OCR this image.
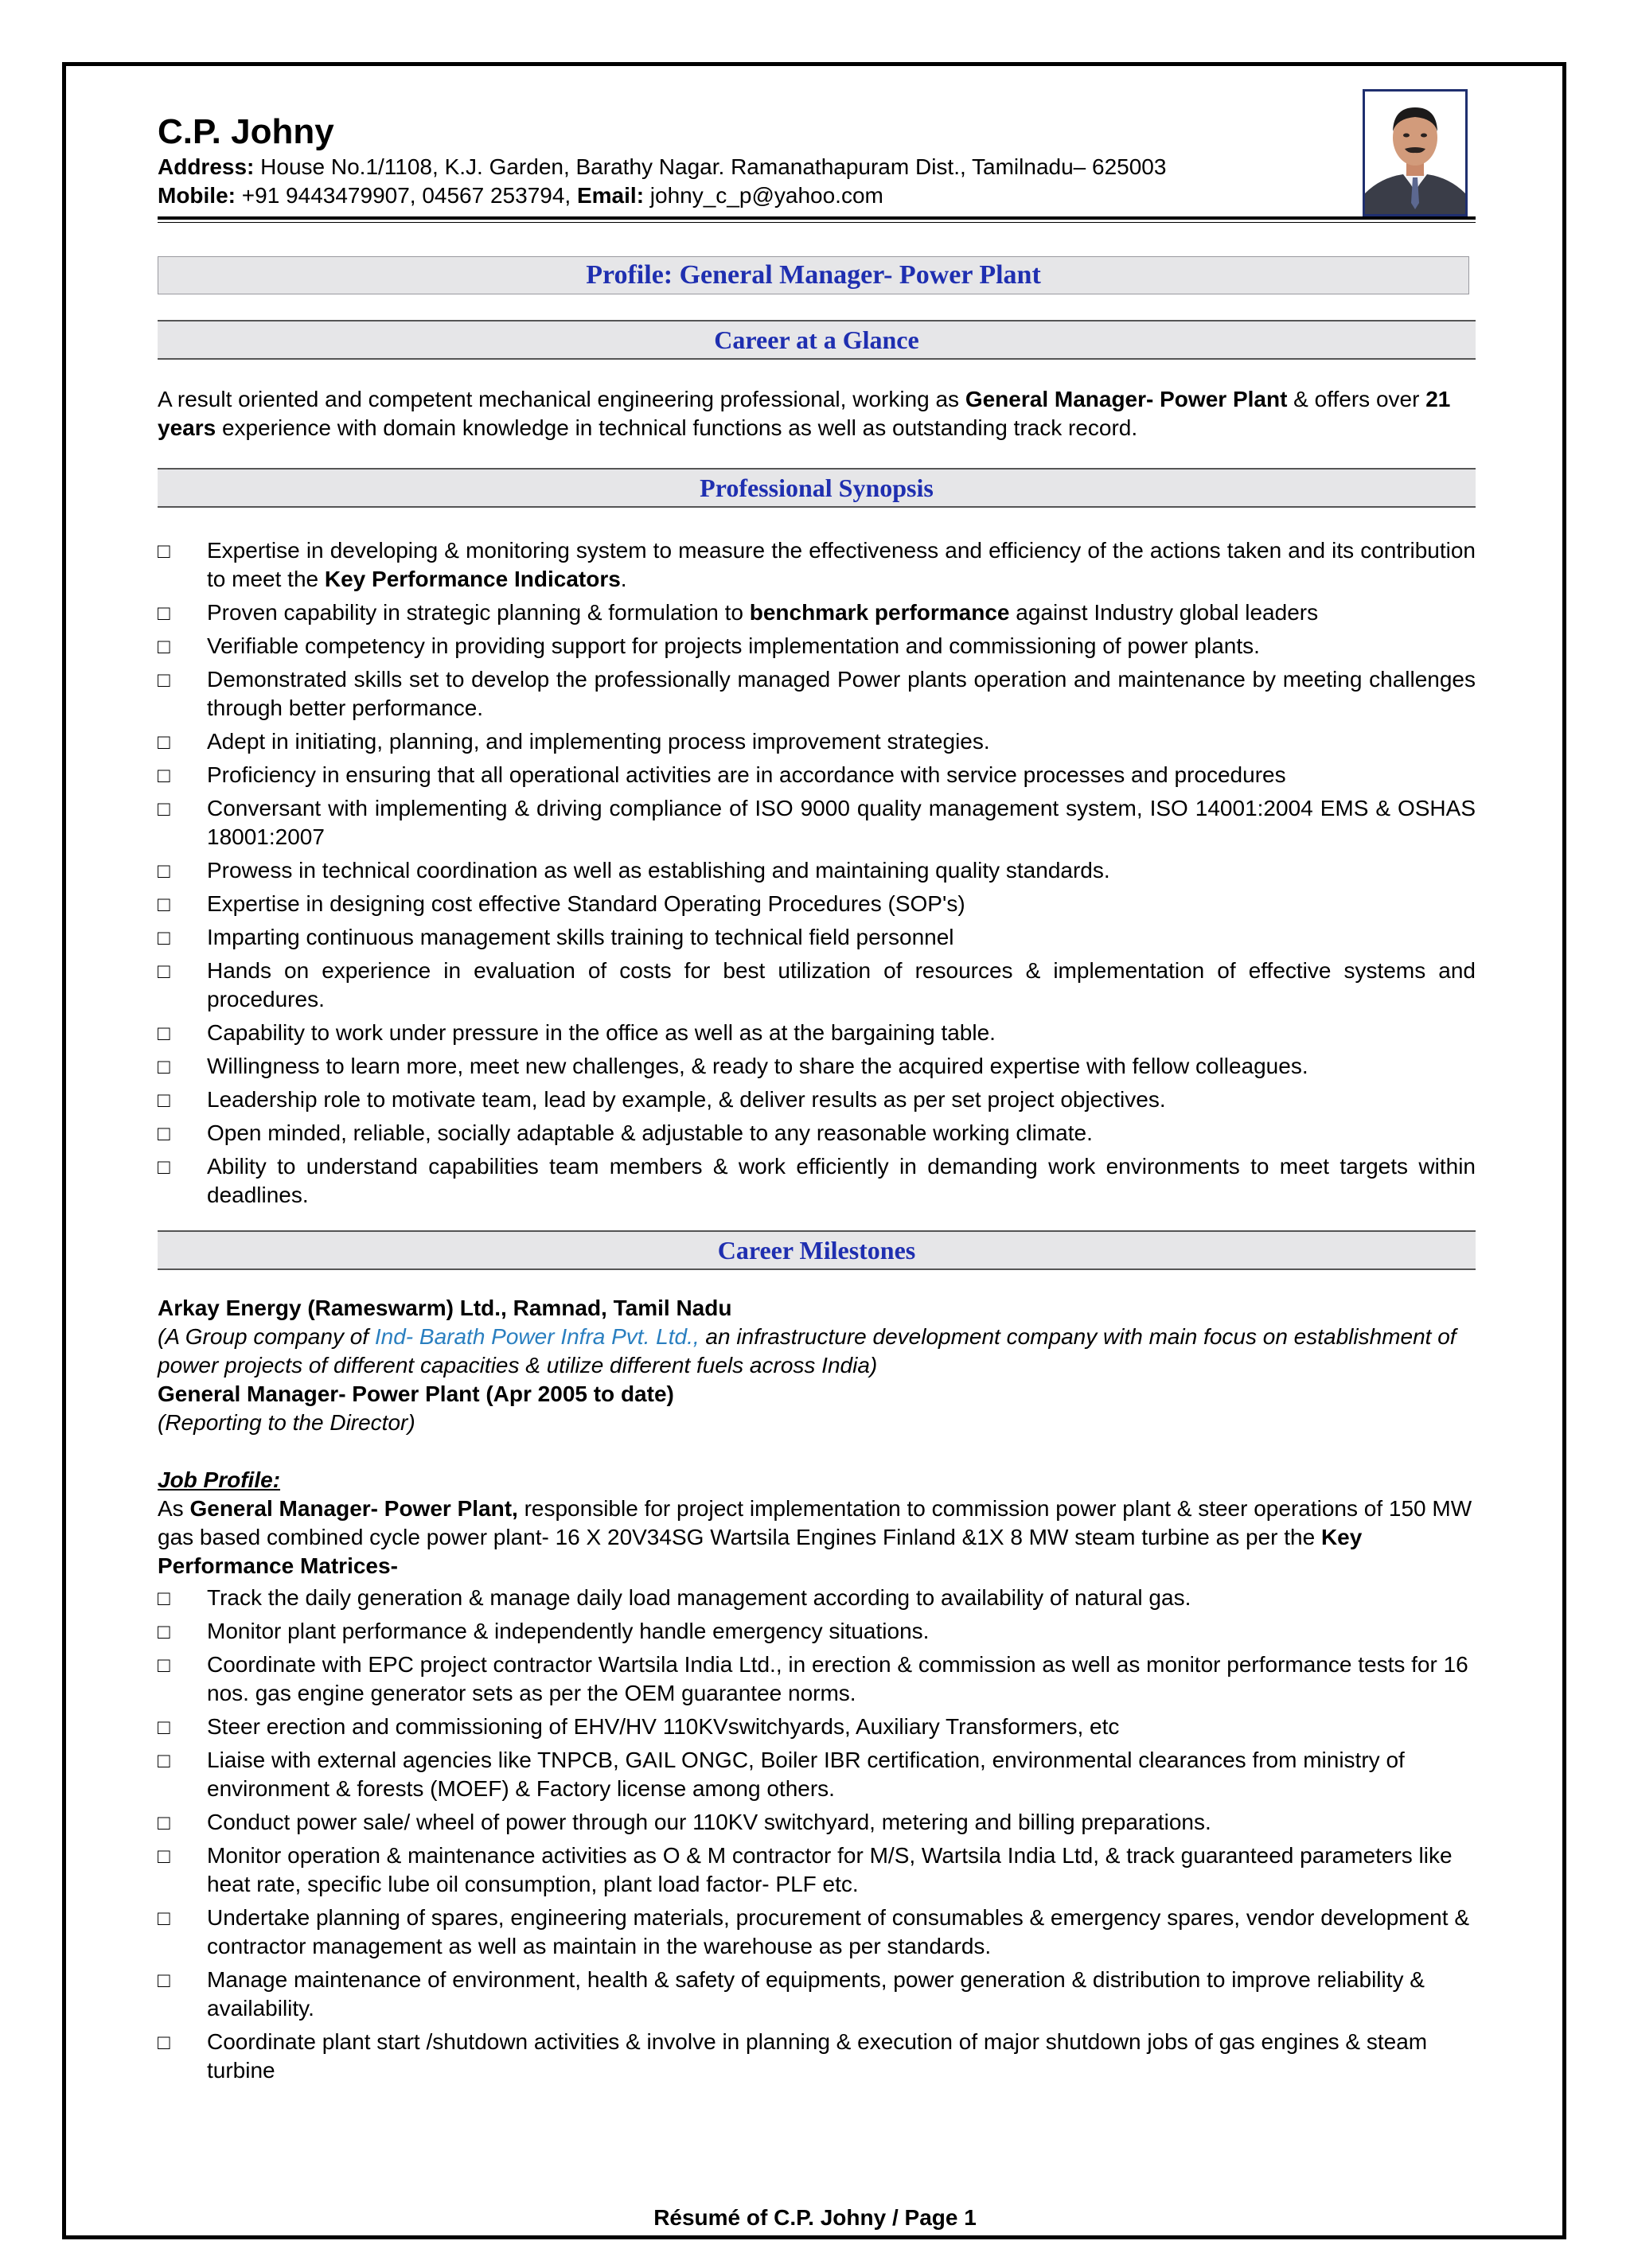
C.P. Johny
Address: House No.1/1108, K.J. Garden, Barathy Nagar. Ramanathapuram Dist., Tamilnadu– 625003
Mobile: +91 9443479907, 04567 253794, Email: johny_c_p@yahoo.com
Profile: General Manager- Power Plant
Career at a Glance
A result oriented and competent mechanical engineering professional, working as General Manager- Power Plant & offers over 21 years experience with domain knowledge in technical functions as well as outstanding track record.
Professional Synopsis
□	Expertise in developing & monitoring system to measure the effectiveness and efficiency of the actions taken and its contribution to meet the Key Performance Indicators.
□	Proven capability in strategic planning & formulation to benchmark performance against Industry global leaders
□	Verifiable competency in providing support for projects implementation and commissioning of power plants.
□	Demonstrated skills set to develop the professionally managed Power plants operation and maintenance by meeting challenges through better performance.
□	Adept in initiating, planning, and implementing process improvement strategies.
□	Proficiency in ensuring that all operational activities are in accordance with service processes and procedures
□	Conversant with implementing & driving compliance of ISO 9000 quality management system, ISO 14001:2004 EMS & OSHAS 18001:2007
□	Prowess in technical coordination as well as establishing and maintaining quality standards.
□	Expertise in designing cost effective Standard Operating Procedures (SOP's)
□	Imparting continuous management skills training to technical field personnel
□	Hands on experience in evaluation of costs for best utilization of resources & implementation of effective systems and procedures.
□	Capability to work under pressure in the office as well as at the bargaining table.
□	Willingness to learn more, meet new challenges, & ready to share the acquired expertise with fellow colleagues.
□	Leadership role to motivate team, lead by example, & deliver results as per set project objectives.
□	Open minded, reliable, socially adaptable & adjustable to any reasonable working climate.
□	Ability to understand capabilities team members & work efficiently in demanding work environments to meet targets within deadlines.
Career Milestones
Arkay Energy (Rameswarm) Ltd., Ramnad, Tamil Nadu
(A Group company of Ind- Barath Power Infra Pvt. Ltd., an infrastructure development company with main focus on establishment of power projects of different capacities & utilize different fuels across India)
General Manager- Power Plant (Apr 2005 to date)
(Reporting to the Director)
Job Profile:
As General Manager- Power Plant, responsible for project implementation to commission power plant & steer operations of 150 MW gas based combined cycle power plant- 16 X 20V34SG Wartsila Engines Finland &1X 8 MW steam turbine as per the Key Performance Matrices-
□	Track the daily generation & manage daily load management according to availability of natural gas.
□	Monitor plant performance & independently handle emergency situations.
□	Coordinate with EPC project contractor Wartsila India Ltd., in erection & commission as well as monitor performance tests for 16 nos. gas engine generator sets as per the OEM guarantee norms.
□	Steer erection and commissioning of EHV/HV 110KVswitchyards, Auxiliary Transformers, etc
□	Liaise with external agencies like TNPCB, GAIL ONGC, Boiler IBR certification, environmental clearances from ministry of environment & forests (MOEF) & Factory license among others.
□	Conduct power sale/ wheel of power through our 110KV switchyard, metering and billing preparations.
□	Monitor operation & maintenance activities as O & M contractor for M/S, Wartsila India Ltd, & track guaranteed parameters like heat rate, specific lube oil consumption, plant load factor- PLF etc.
□	Undertake planning of spares, engineering materials, procurement of consumables & emergency spares, vendor development & contractor management as well as maintain in the warehouse as per standards.
□	Manage maintenance of environment, health & safety of equipments, power generation & distribution to improve reliability & availability.
□	Coordinate plant start /shutdown activities & involve in planning & execution of major shutdown jobs of gas engines & steam turbine
Résumé of C.P. Johny / Page 1
